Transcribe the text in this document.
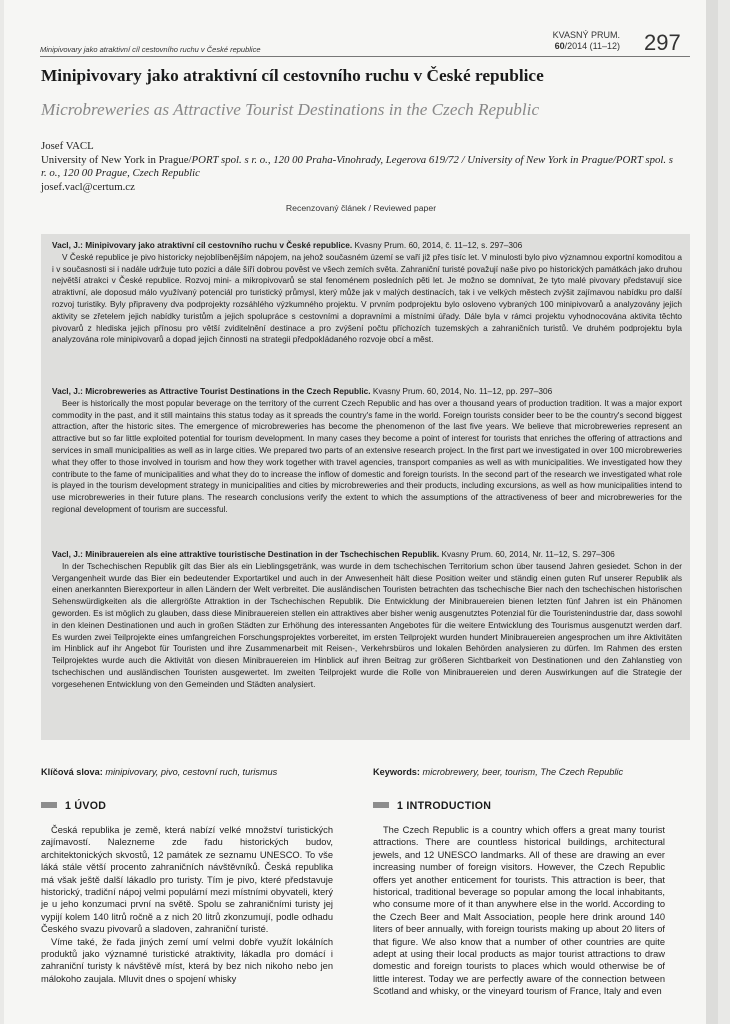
Minipivovary jako atraktivní cíl cestovního ruchu v České republice
KVASNÝ PRUM.
60/2014 (11–12) 297
Minipivovary jako atraktivní cíl cestovního ruchu v České republice
Microbreweries as Attractive Tourist Destinations in the Czech Republic
Josef VACL
University of New York in Prague/PORT spol. s r. o., 120 00 Praha-Vinohrady, Legerova 619/72 / University of New York in Prague/PORT spol. s r. o., 120 00 Prague, Czech Republic
josef.vacl@certum.cz
Recenzovaný článek / Reviewed paper
Vacl, J.: Minipivovary jako atraktivní cíl cestovního ruchu v České republice. Kvasny Prum. 60, 2014, č. 11–12, s. 297–306
V České republice je pivo historicky nejoblíbenějším nápojem, na jehož současném území se vaří již přes tisíc let. V minulosti bylo pivo významnou exportní komoditou a i v současnosti si i nadále udržuje tuto pozici a dále šíří dobrou pověst ve všech zemích světa. Zahraniční turisté považují naše pivo po historických památkách jako druhou největší atrakci v České republice. Rozvoj mini- a mikropivovarů se stal fenoménem posledních pěti let. Je možno se domnívat, že tyto malé pivovary představují sice atraktivní, ale doposud málo využívaný potenciál pro turistický průmysl, který může jak v malých destinacích, tak i ve velkých městech zvýšit zajímavou nabídku pro další rozvoj turistiky. Byly připraveny dva podprojekty rozsáhlého výzkumného projektu. V prvním podprojektu bylo osloveno vybraných 100 minipivovarů a analyzovány jejich aktivity se zřetelem jejich nabídky turistům a jejich spolupráce s cestovními a dopravními a místními úřady. Dále byla v rámci projektu vyhodnocována aktivita těchto pivovarů z hlediska jejich přínosu pro větší zviditelnění destinace a pro zvýšení počtu příchozích tuzemských a zahraničních turistů. Ve druhém podprojektu byla analyzována role minipivovarů a dopad jejich činnosti na strategii předpokládaného rozvoje obcí a měst.
Vacl, J.: Microbreweries as Attractive Tourist Destinations in the Czech Republic. Kvasny Prum. 60, 2014, No. 11–12, pp. 297–306
Beer is historically the most popular beverage on the territory of the current Czech Republic and has over a thousand years of production tradition. It was a major export commodity in the past, and it still maintains this status today as it spreads the country's fame in the world. Foreign tourists consider beer to be the country's second biggest attraction, after the historic sites. The emergence of microbreweries has become the phenomenon of the last five years. We believe that microbreweries represent an attractive but so far little exploited potential for tourism development. In many cases they become a point of interest for tourists that enriches the offering of attractions and services in small municipalities as well as in large cities. We prepared two parts of an extensive research project. In the first part we investigated in over 100 microbreweries what they offer to those involved in tourism and how they work together with travel agencies, transport companies as well as with municipalities. We investigated how they contribute to the fame of municipalities and what they do to increase the inflow of domestic and foreign tourists. In the second part of the research we investigated what role is played in the tourism development strategy in municipalities and cities by microbreweries and their products, including excursions, as well as how municipalities intend to use microbreweries in their future plans. The research conclusions verify the extent to which the assumptions of the attractiveness of beer and microbreweries for the regional development of tourism are successful.
Vacl, J.: Minibrauereien als eine attraktive touristische Destination in der Tschechischen Republik. Kvasny Prum. 60, 2014, Nr. 11–12, S. 297–306
In der Tschechischen Republik gilt das Bier als ein Lieblingsgetränk, was wurde in dem tschechischen Territorium schon über tausend Jahren gesiedet. Schon in der Vergangenheit wurde das Bier ein bedeutender Exportartikel und auch in der Anwesenheit hält diese Position weiter und ständig einen guten Ruf unserer Republik als einen anerkannten Bierexporteur in allen Ländern der Welt verbreitet. Die ausländischen Touristen betrachten das tschechische Bier nach den tschechischen historischen Sehenswürdigkeiten als die allergrößte Attraktion in der Tschechischen Republik. Die Entwicklung der Minibrauereien bienen letzten fünf Jahren ist ein Phänomen geworden. Es ist möglich zu glauben, dass diese Minibrauereien stellen ein attraktives aber bisher wenig ausgenutztes Potenzial für die Touristenindustrie dar, dass sowohl in den kleinen Destinationen und auch in großen Städten zur Erhöhung des interessanten Angebotes für die weitere Entwicklung des Tourismus ausgenutzt werden darf. Es wurden zwei Teilprojekte eines umfangreichen Forschungsprojektes vorbereitet, im ersten Teilprojekt wurden hundert Minibrauereien angesprochen um ihre Aktivitäten im Hinblick auf ihr Angebot für Touristen und ihre Zusammenarbeit mit Reisen-, Verkehrsbüros und lokalen Behörden analysieren zu dürfen. Im Rahmen des ersten Teilprojektes wurde auch die Aktivität von diesen Minibrauereien im Hinblick auf ihren Beitrag zur größeren Sichtbarkeit von Destinationen und den Zahlanstieg von tschechischen und ausländischen Touristen ausgewertet. Im zweiten Teilprojekt wurde die Rolle von Minibrauereien und deren Auswirkungen auf die Strategie der vorgesehenen Entwicklung von den Gemeinden und Städten analysiert.
Klíčová slova: minipivovary, pivo, cestovní ruch, turismus	Keywords: microbrewery, beer, tourism, The Czech Republic
1 ÚVOD	1 INTRODUCTION

Česká republika je země, která nabízí velké množství turistických zajímavostí. Nalezneme zde řadu historických budov, architektonických skvostů, 12 památek ze seznamu UNESCO. To vše láká stále větší procento zahraničních návštěvníků. Česká republika má však ještě další lákadlo pro turisty. Tím je pivo, které představuje historický, tradiční nápoj velmi populární mezi místními obyvateli, který je u jeho konzumaci první na světě. Spolu se zahraničními turisty jej vypijí kolem 140 litrů ročně a z nich 20 litrů zkonzumují, podle odhadu Českého svazu pivovarů a sladoven, zahraniční turisté.

Víme také, že řada jiných zemí umí velmi dobře využít lokálních produktů jako významné turistické atraktivity, lákadla pro domácí i zahraniční turisty k návštěvě míst, která by bez nich nikoho nebo jen málokoho zaujala. Mluvit dnes o spojení whisky

The Czech Republic is a country which offers a great many tourist attractions. There are countless historical buildings, architectural jewels, and 12 UNESCO landmarks. All of these are drawing an ever increasing number of foreign visitors. However, the Czech Republic offers yet another enticement for tourists. This attraction is beer, that historical, traditional beverage so popular among the local inhabitants, who consume more of it than anywhere else in the world. According to the Czech Beer and Malt Association, people here drink around 140 liters of beer annually, with foreign tourists making up about 20 liters of that figure. We also know that a number of other countries are quite adept at using their local products as major tourist attractions to draw domestic and foreign tourists to places which would otherwise be of little interest. Today we are perfectly aware of the connection between Scotland and whisky, or the vineyard tourism of France, Italy and even
